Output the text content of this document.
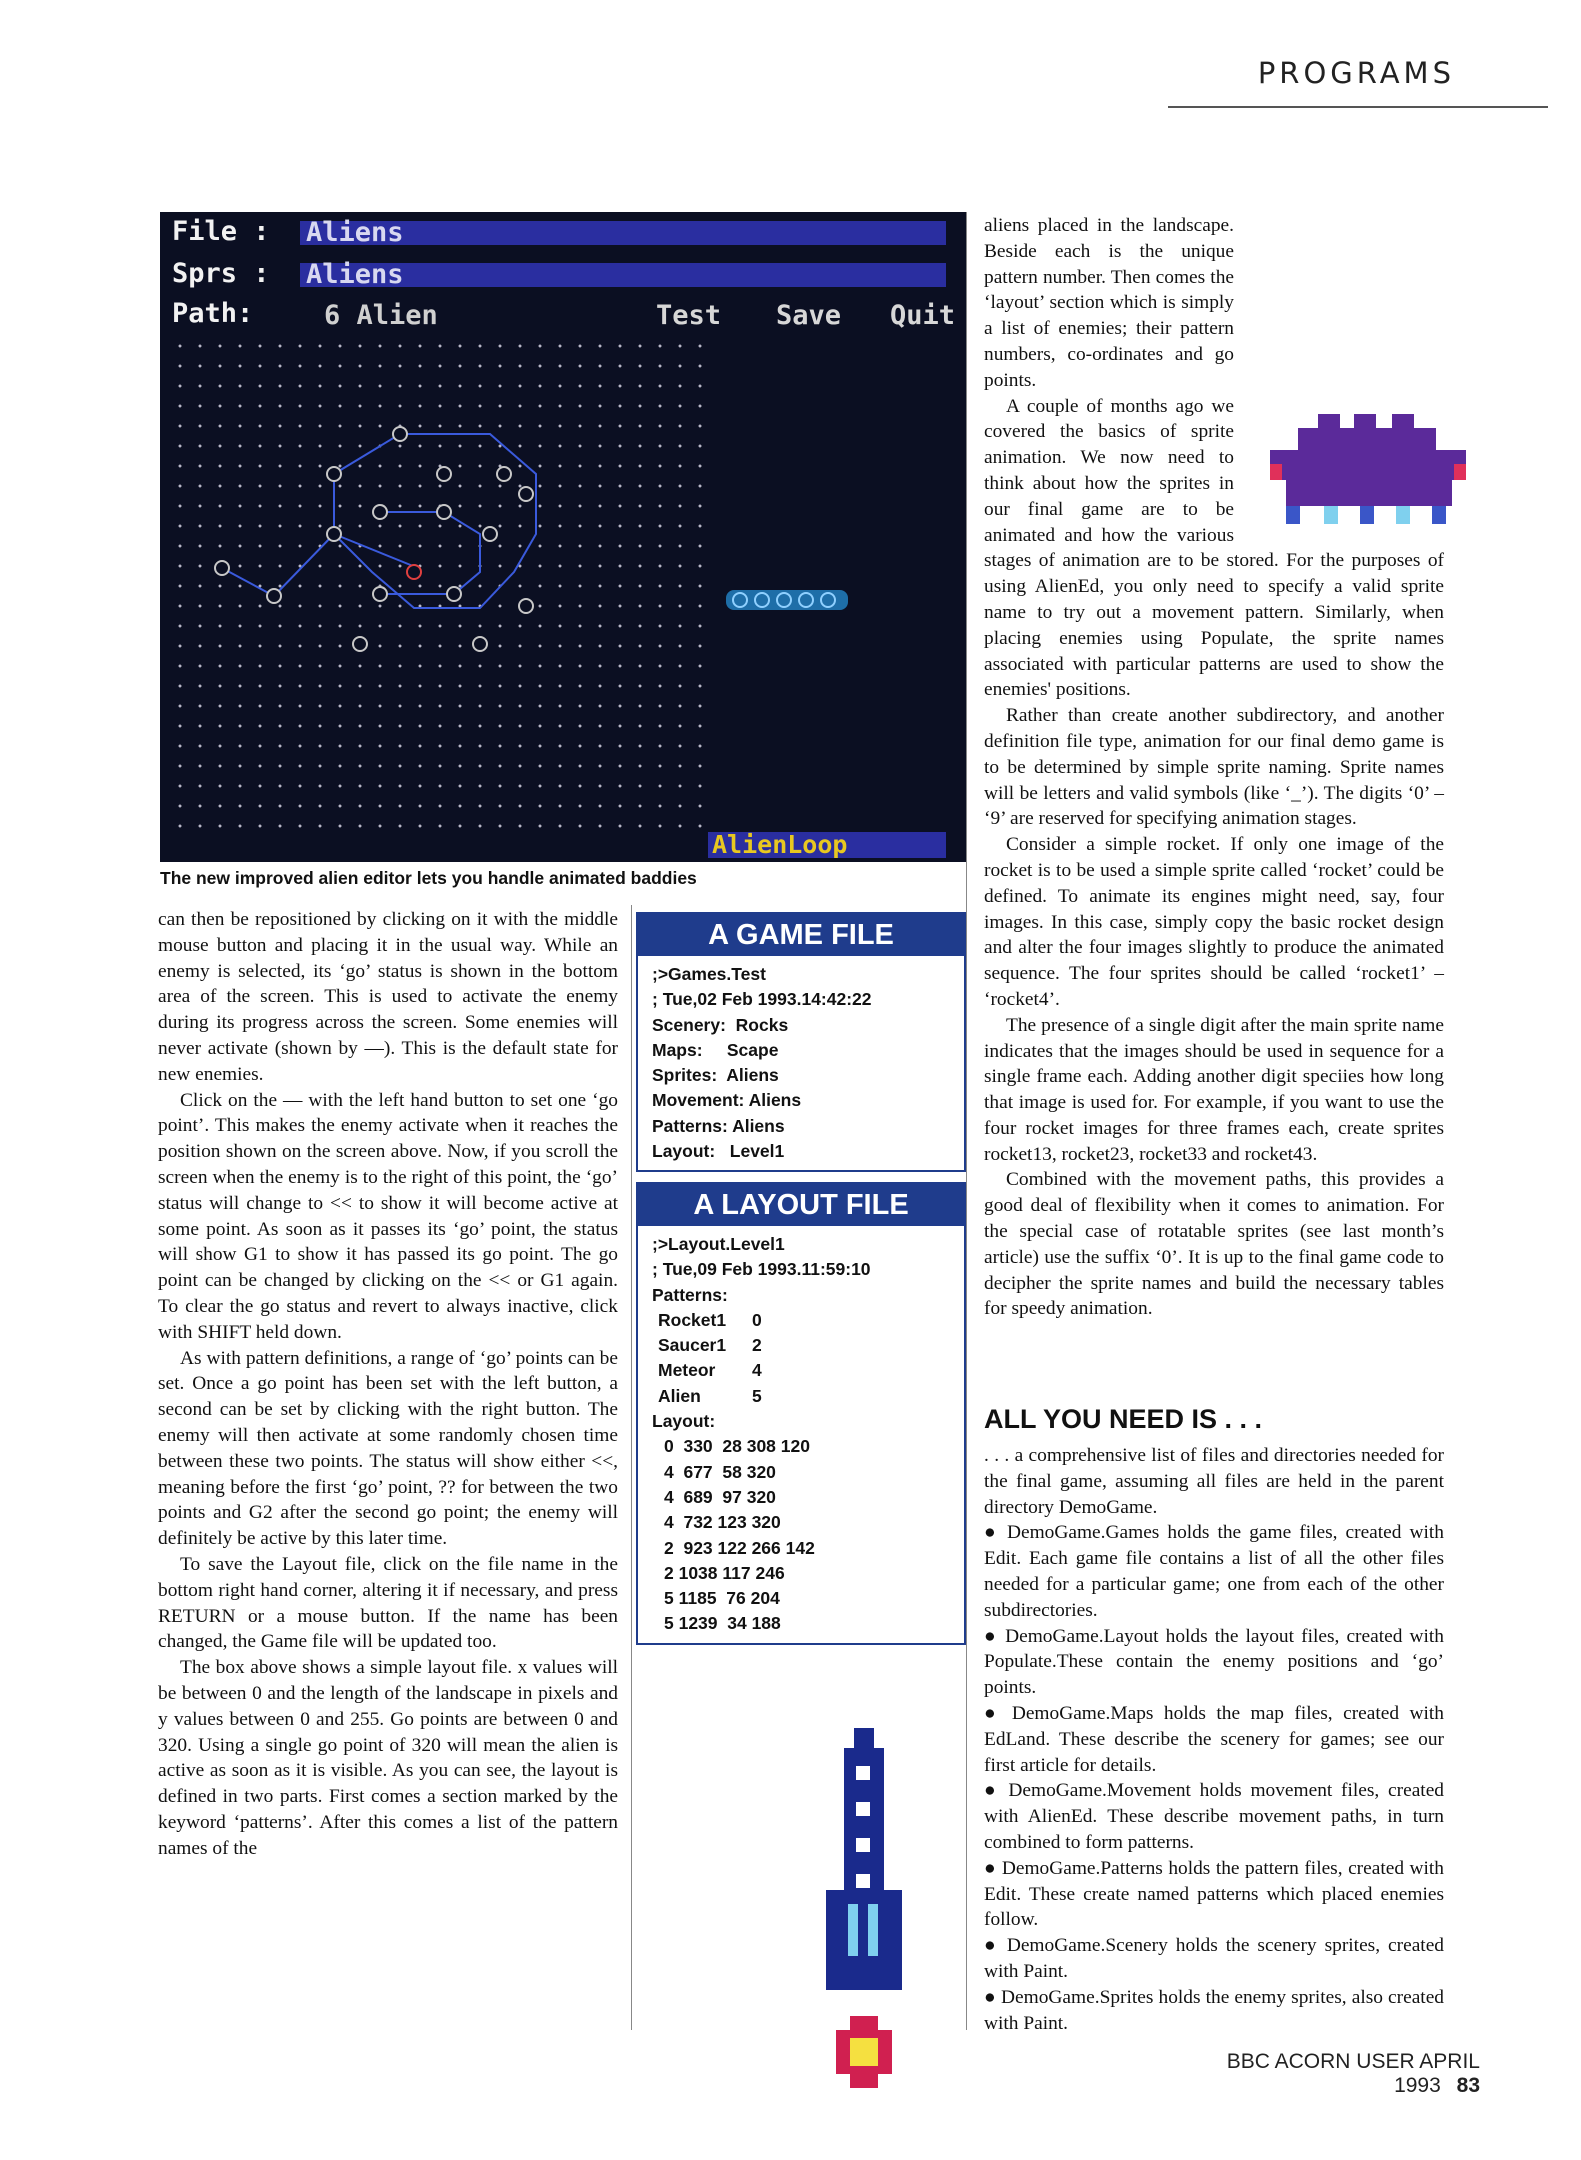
PROGRAMS
File : Aliens
Sprs : Aliens
Path:	6 Alien	Test Save Quit
AlienLoop
The new improved alien editor lets you handle animated baddies

can then be repositioned by clicking on it with the middle mouse button and placing it in the usual way. While an enemy is selected, its ‘go’ status is shown in the bottom area of the screen. This is used to activate the enemy during its progress across the screen. Some enemies will never activate (shown by —). This is the default state for new enemies.

Click on the — with the left hand button to set one ‘go point’. This makes the enemy activate when it reaches the position shown on the screen above. Now, if you scroll the screen when the enemy is to the right of this point, the ‘go’ status will change to << to show it will become active at some point. As soon as it passes its ‘go’ point, the status will show G1 to show it has passed its go point. The go point can be changed by clicking on the << or G1 again. To clear the go status and revert to always inactive, click with SHIFT held down.

As with pattern definitions, a range of ‘go’ points can be set. Once a go point has been set with the left button, a second can be set by clicking with the right button. The enemy will then activate at some randomly chosen time between these two points. The status will show either <<, meaning before the first ‘go’ point, ?? for between the two points and G2 after the second go point; the enemy will definitely be active by this later time.

To save the Layout file, click on the file name in the bottom right hand corner, altering it if necessary, and press RETURN or a mouse button. If the name has been changed, the Game file will be updated too.

The box above shows a simple layout file. x values will be between 0 and the length of the landscape in pixels and y values between 0 and 255. Go points are between 0 and 320. Using a single go point of 320 will mean the alien is active as soon as it is visible. As you can see, the layout is defined in two parts. First comes a section marked by the keyword ‘patterns’. After this comes a list of the pattern names of the

A GAME FILE
;>Games.Test
; Tue,02 Feb 1993.14:42:22
Scenery:  Rocks
Maps:     Scape
Sprites:  Aliens
Movement: Aliens
Patterns: Aliens
Layout:   Level1
A LAYOUT FILE
;>Layout.Level1
; Tue,09 Feb 1993.11:59:10
Patterns:
Rocket1	0
Saucer1	2
Meteor	4
Alien	5
Layout:
0  330  28 308 120
4  677  58 320
4  689  97 320
4  732 123 320
2  923 122 266 142
2 1038 117 246
5 1185  76 204
5 1239  34 188

aliens placed in the landscape. Beside each is the unique pattern number. Then comes the ‘layout’ section which is simply a list of enemies; their pattern numbers, co-ordinates and go points.

A couple of months ago we covered the basics of sprite animation. We now need to think about how the sprites in our final game are to be animated and how the various stages of animation are to be stored. For the purposes of using AlienEd, you only need to specify a valid sprite name to try out a movement pattern. Similarly, when placing enemies using Populate, the sprite names associated with particular patterns are used to show the enemies' positions.

Rather than create another subdirectory, and another definition file type, animation for our final demo game is to be determined by simple sprite naming. Sprite names will be letters and valid symbols (like ‘_’). The digits ‘0’ – ‘9’ are reserved for specifying animation stages.

Consider a simple rocket. If only one image of the rocket is to be used a simple sprite called ‘rocket’ could be defined. To animate its engines might need, say, four images. In this case, simply copy the basic rocket design and alter the four images slightly to produce the animated sequence. The four sprites should be called ‘rocket1’ – ‘rocket4’.

The presence of a single digit after the main sprite name indicates that the images should be used in sequence for a single frame each. Adding another digit speciies how long that image is used for. For example, if you want to use the four rocket images for three frames each, create sprites rocket13, rocket23, rocket33 and rocket43.

Combined with the movement paths, this provides a good deal of flexibility when it comes to animation. For the special case of rotatable sprites (see last month’s article) use the suffix ‘0’. It is up to the final game code to decipher the sprite names and build the necessary tables for speedy animation.

ALL YOU NEED IS . . .

. . . a comprehensive list of files and directories needed for the final game, assuming all files are held in the parent directory DemoGame.

● DemoGame.Games holds the game files, created with Edit. Each game file contains a list of all the other files needed for a particular game; one from each of the other subdirectories.

● DemoGame.Layout holds the layout files, created with Populate.These contain the enemy positions and ‘go’ points.

● DemoGame.Maps holds the map files, created with EdLand. These describe the scenery for games; see our first article for details.

● DemoGame.Movement holds movement files, created with AlienEd. These describe movement paths, in turn combined to form patterns.

● DemoGame.Patterns holds the pattern files, created with Edit. These create named patterns which placed enemies follow.

● DemoGame.Scenery holds the scenery sprites, created with Paint.

● DemoGame.Sprites holds the enemy sprites, also created with Paint.

BBC ACORN USER APRIL 1993 83
